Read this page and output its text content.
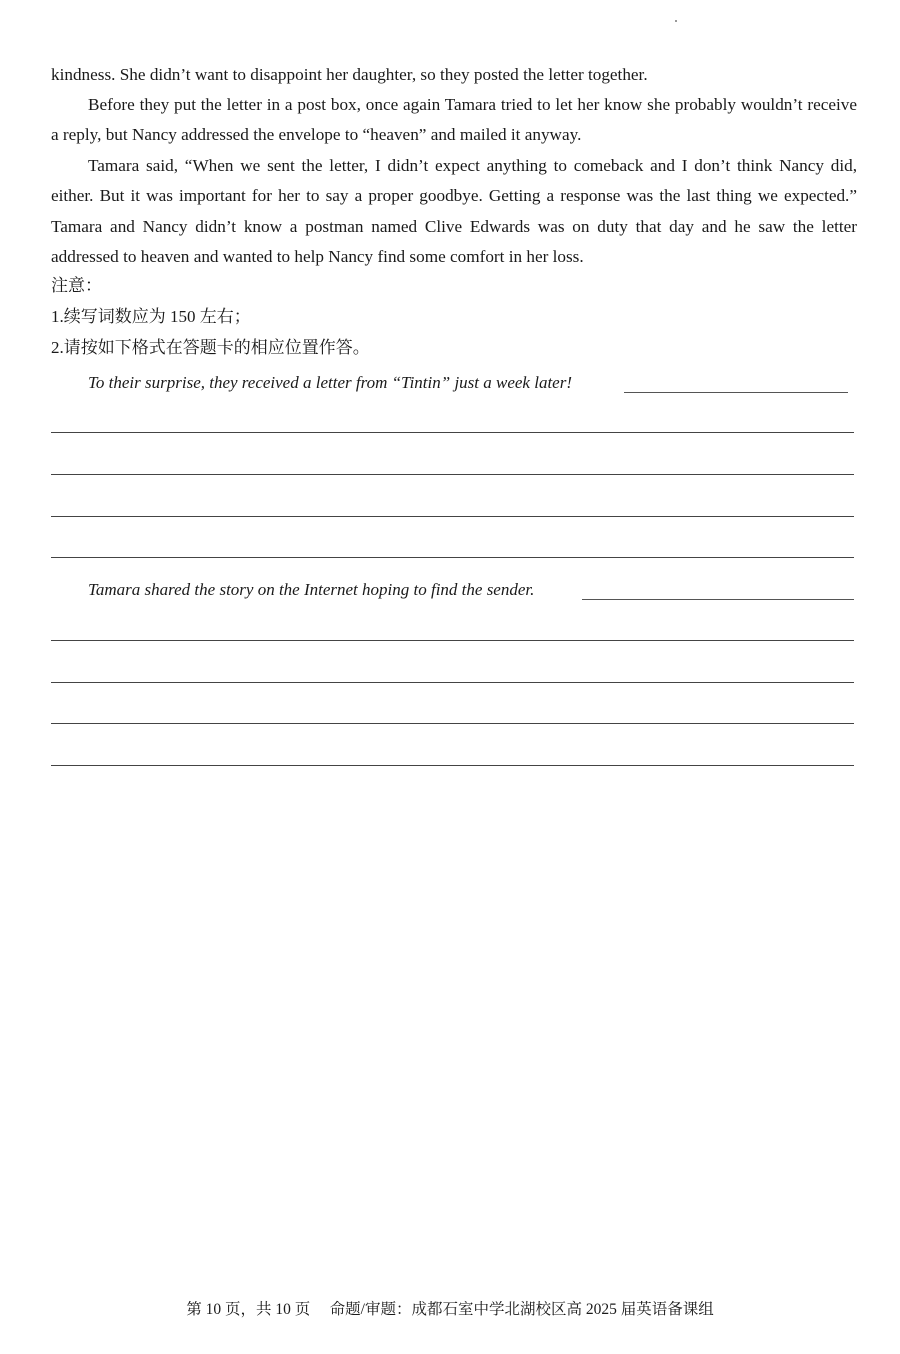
kindness. She didn’t want to disappoint her daughter, so they posted the letter together.

Before they put the letter in a post box, once again Tamara tried to let her know she probably wouldn’t receive a reply, but Nancy addressed the envelope to “heaven” and mailed it anyway.

Tamara said, “When we sent the letter, I didn’t expect anything to comeback and I don’t think Nancy did, either. But it was important for her to say a proper goodbye. Getting a response was the last thing we expected.” Tamara and Nancy didn’t know a postman named Clive Edwards was on duty that day and he saw the letter addressed to heaven and wanted to help Nancy find some comfort in her loss.

注意：

1.续写词数应为 150 左右；

2.请按如下格式在答题卡的相应位置作答。

To their surprise, they received a letter from “Tintin” just a week later!
Tamara shared the story on the Internet hoping to find the sender.
第 10 页，共 10 页     命题/审题：成都石室中学北湖校区高 2025 届英语备课组
